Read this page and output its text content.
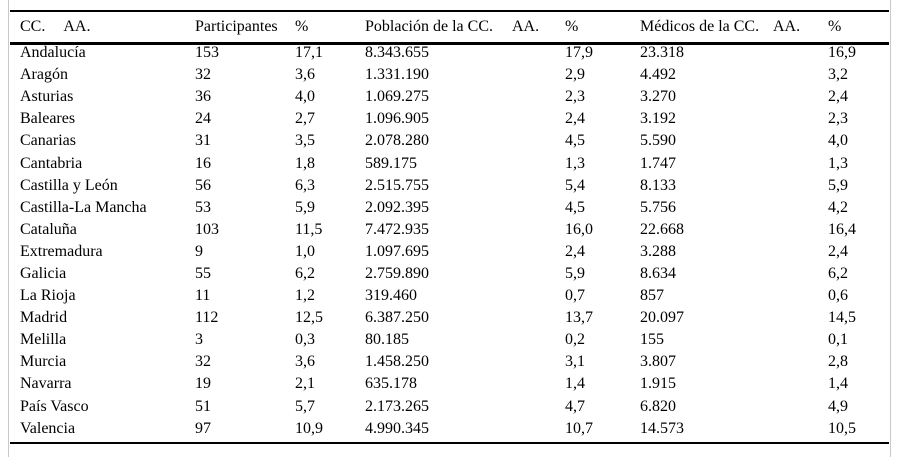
CC. AA.	Participantes	%	Población de la CC.	AA.	%	Médicos de la CC.	AA.	%
Andalucía	153	17,1	8.343.655		17,9	23.318		16,9
Aragón	32	3,6	1.331.190		2,9	4.492		3,2
Asturias	36	4,0	1.069.275		2,3	3.270		2,4
Baleares	24	2,7	1.096.905		2,4	3.192		2,3
Canarias	31	3,5	2.078.280		4,5	5.590		4,0
Cantabria	16	1,8	589.175		1,3	1.747		1,3
Castilla y León	56	6,3	2.515.755		5,4	8.133		5,9
Castilla-La Mancha	53	5,9	2.092.395		4,5	5.756		4,2
Cataluña	103	11,5	7.472.935		16,0	22.668		16,4
Extremadura	9	1,0	1.097.695		2,4	3.288		2,4
Galicia	55	6,2	2.759.890		5,9	8.634		6,2
La Rioja	11	1,2	319.460		0,7	857		0,6
Madrid	112	12,5	6.387.250		13,7	20.097		14,5
Melilla	3	0,3	80.185		0,2	155		0,1
Murcia	32	3,6	1.458.250		3,1	3.807		2,8
Navarra	19	2,1	635.178		1,4	1.915		1,4
País Vasco	51	5,7	2.173.265		4,7	6.820		4,9
Valencia	97	10,9	4.990.345		10,7	14.573		10,5
